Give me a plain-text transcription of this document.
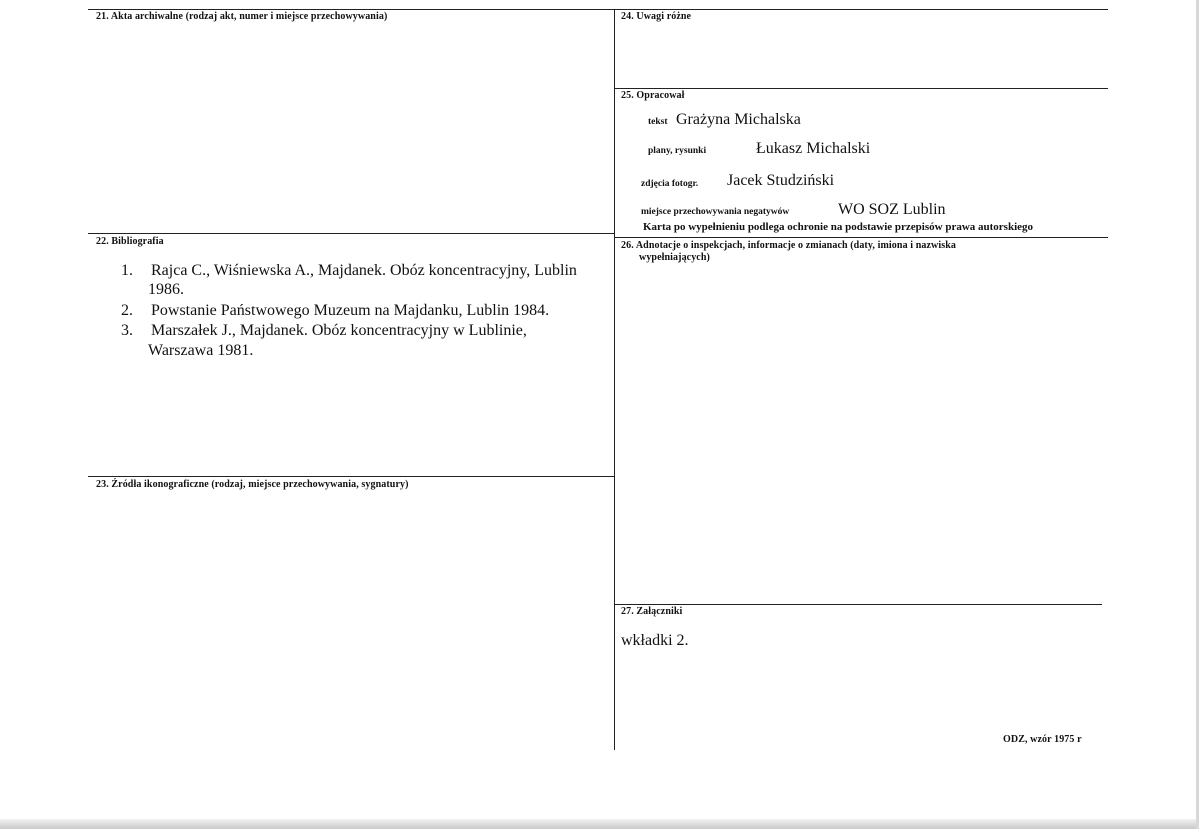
21. Akta archiwalne (rodzaj akt, numer i miejsce przechowywania)	24. Uwagi różne
25. Opracował
tekst Grażyna Michalska
plany, rysunki	Łukasz Michalski
zdjęcia fotogr. Jacek Studziński
miejsce przechowywania negatywów	WO SOZ Lublin
Karta po wypełnieniu podlega ochronie na podstawie przepisów prawa autorskiego
22. Bibliografia
1. Rajca C., Wiśniewska A., Majdanek. Obóz koncentracyjny, Lublin
1986.
2. Powstanie Państwowego Muzeum na Majdanku, Lublin 1984.
3. Marszałek J., Majdanek. Obóz koncentracyjny w Lublinie,
Warszawa 1981.
26. Adnotacje o inspekcjach, informacje o zmianach (daty, imiona i nazwiska
wypełniających)
23. Źródła ikonograficzne (rodzaj, miejsce przechowywania, sygnatury)
27. Załączniki
wkładki 2.
ODZ, wzór 1975 r
